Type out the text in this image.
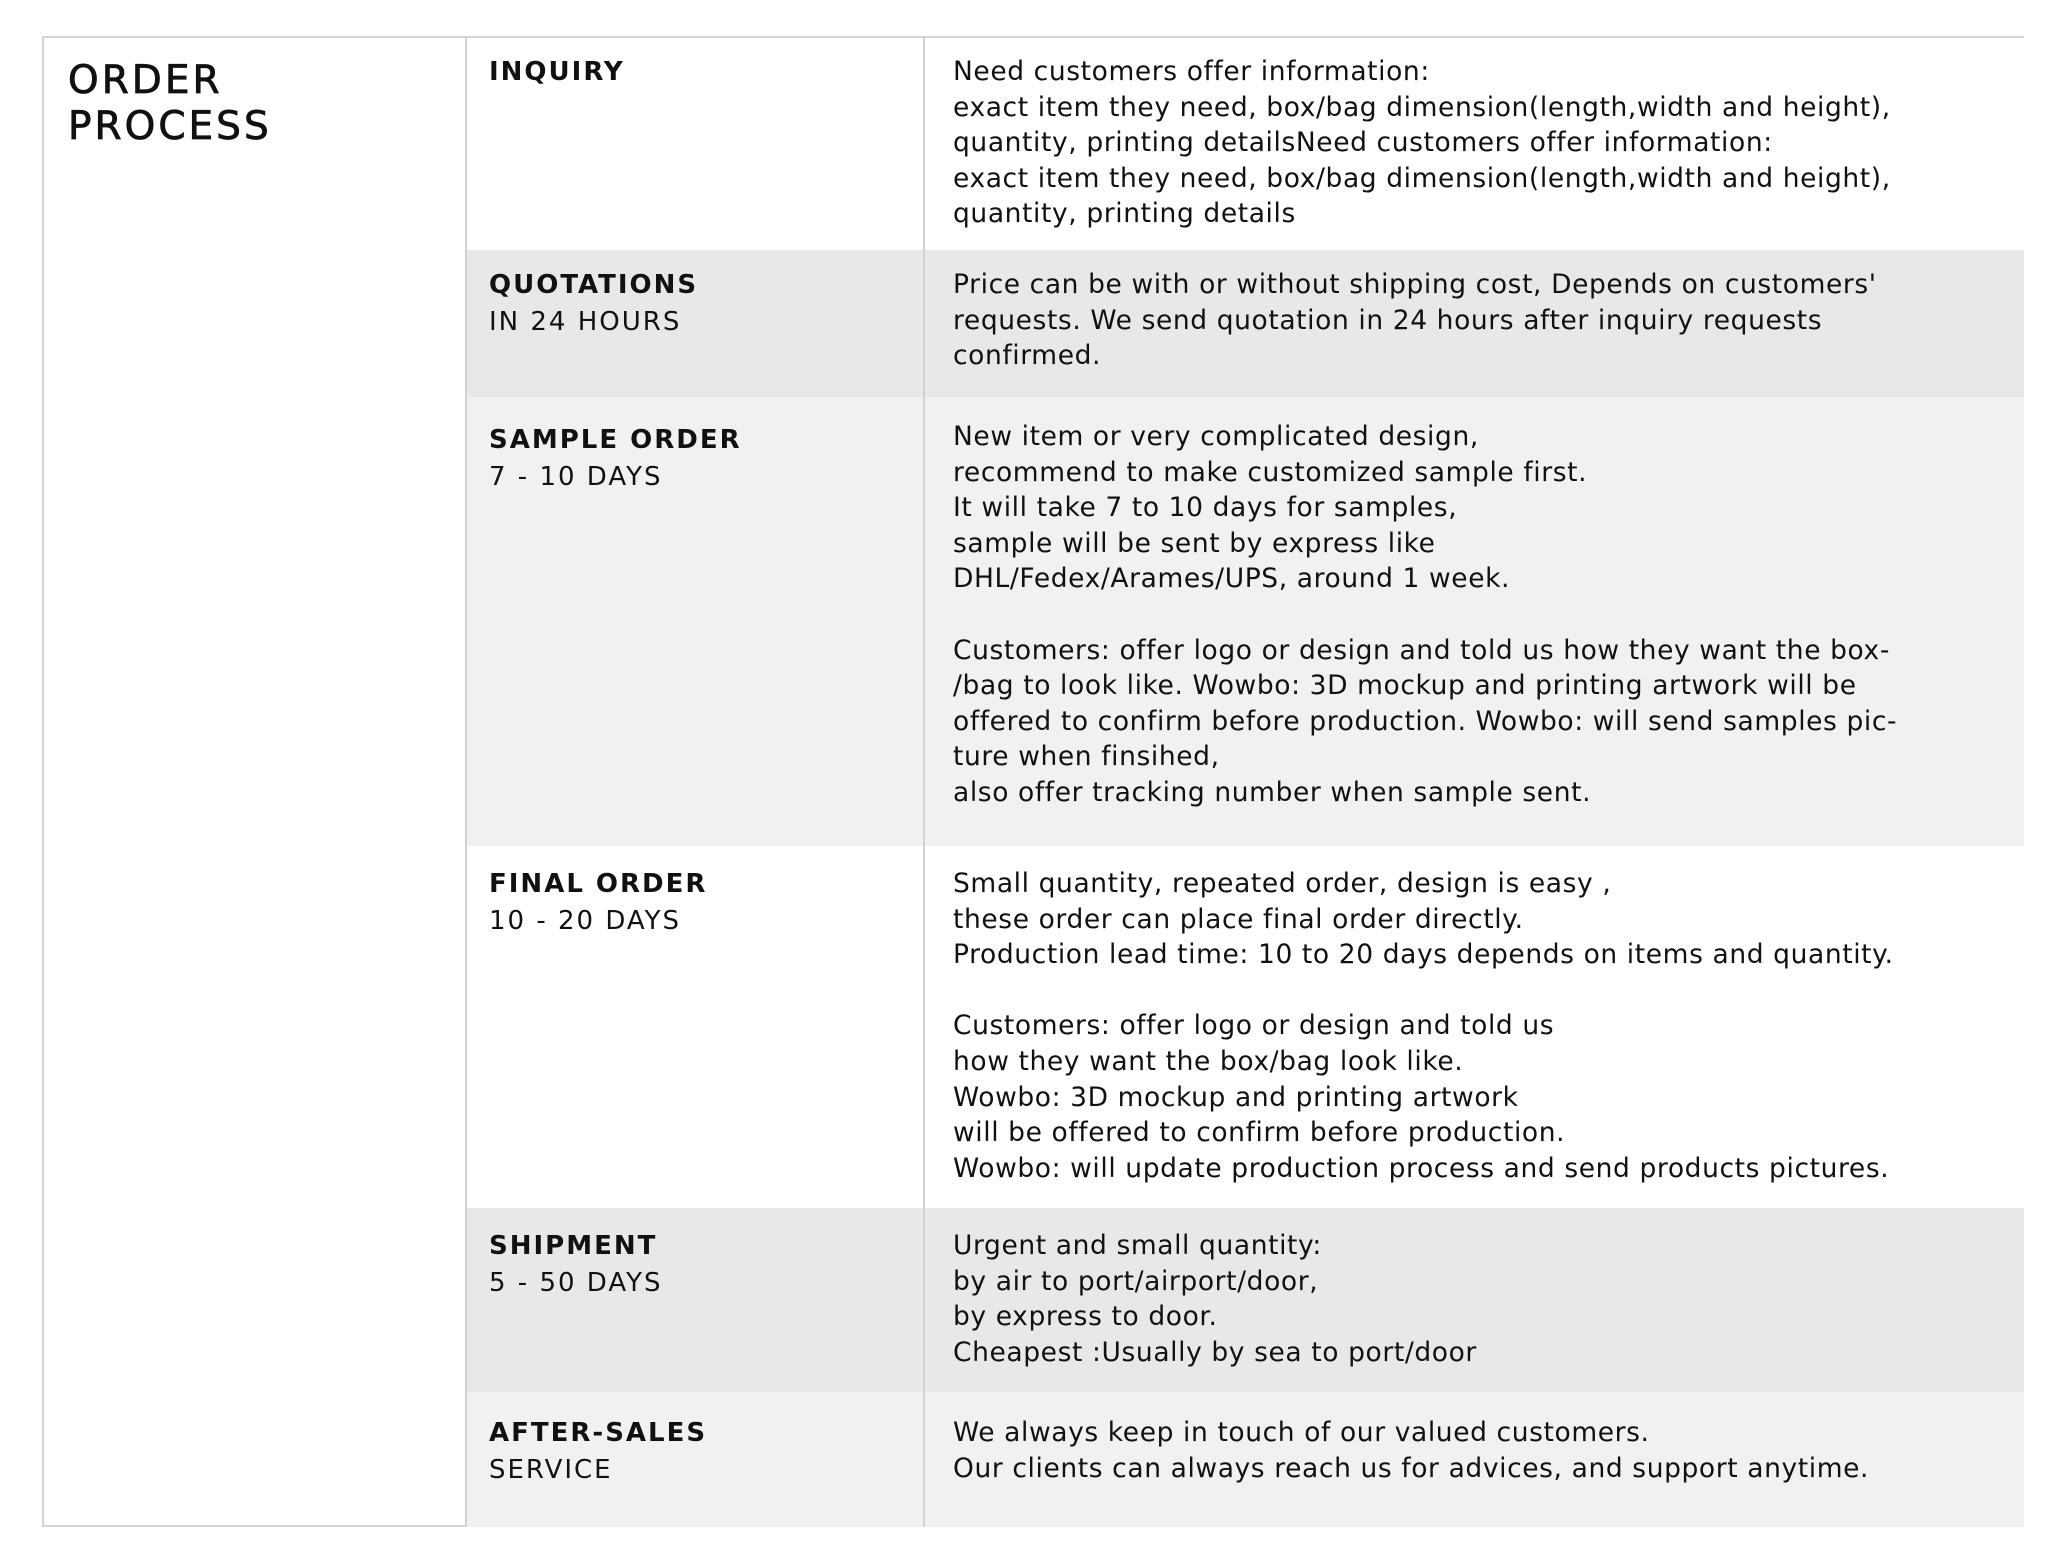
ORDER
PROCESS

INQUIRY	Need customers offer information:
exact item they need, box/bag dimension(length,width and height),
quantity, printing detailsNeed customers offer information:
exact item they need, box/bag dimension(length,width and height),
quantity, printing details

QUOTATIONS

IN 24 HOURS

Price can be with or without shipping cost, Depends on customers'
requests. We send quotation in 24 hours after inquiry requests
confirmed.

SAMPLE ORDER

7 - 10 DAYS

New item or very complicated design,
recommend to make customized sample first.
It will take 7 to 10 days for samples,
sample will be sent by express like
DHL/Fedex/Arames/UPS, around 1 week.

Customers: offer logo or design and told us how they want the box-
/bag to look like. Wowbo: 3D mockup and printing artwork will be
offered to confirm before production. Wowbo: will send samples pic-
ture when finsihed,
also offer tracking number when sample sent.

FINAL ORDER

10 - 20 DAYS

Small quantity, repeated order, design is easy ,
these order can place final order directly.
Production lead time: 10 to 20 days depends on items and quantity.

Customers: offer logo or design and told us
how they want the box/bag look like.
Wowbo: 3D mockup and printing artwork
will be offered to confirm before production.
Wowbo: will update production process and send products pictures.

SHIPMENT

5 - 50 DAYS

Urgent and small quantity:
by air to port/airport/door,
by express to door.
Cheapest :Usually by sea to port/door

AFTER-SALES

SERVICE

We always keep in touch of our valued customers.
Our clients can always reach us for advices, and support anytime.
